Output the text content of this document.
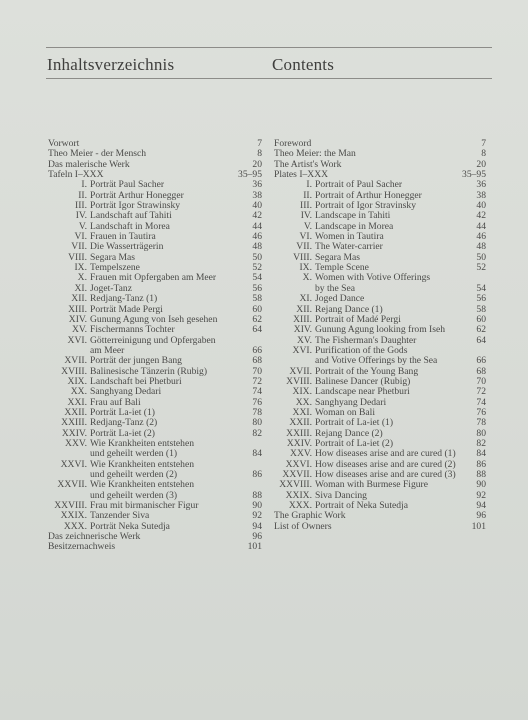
Inhaltsverzeichnis	Contents
Vorwort	7
Theo Meier - der Mensch	8
Das malerische Werk	20
Tafeln I–XXX	35–95
I. Porträt Paul Sacher	36
II. Porträt Arthur Honegger	38
III. Porträt Igor Strawinsky	40
IV. Landschaft auf Tahiti	42
V. Landschaft in Morea	44
VI. Frauen in Tautira	46
VII. Die Wasserträgerin	48
VIII. Segara Mas	50
IX. Tempelszene	52
X. Frauen mit Opfergaben am Meer	54
XI. Joget-Tanz	56
XII. Redjang-Tanz (1)	58
XIII. Porträt Made Pergi	60
XIV. Gunung Agung von Iseh gesehen	62
XV. Fischermanns Tochter	64
XVI. Götterreinigung und Opfergaben
am Meer	66
XVII. Porträt der jungen Bang	68
XVIII. Balinesische Tänzerin (Rubig)	70
XIX. Landschaft bei Phetburi	72
XX. Sanghyang Dedari	74
XXI. Frau auf Bali	76
XXII. Porträt La-iet (1)	78
XXIII. Redjang-Tanz (2)	80
XXIV. Porträt La-iet (2)	82
XXV. Wie Krankheiten entstehen
und geheilt werden (1)	84
XXVI. Wie Krankheiten entstehen
und geheilt werden (2)	86
XXVII. Wie Krankheiten entstehen
und geheilt werden (3)	88
XXVIII. Frau mit birmanischer Figur	90
XXIX. Tanzender Siva	92
XXX. Porträt Neka Sutedja	94
Das zeichnerische Werk	96
Besitzernachweis	101
Foreword	7
Theo Meier: the Man	8
The Artist's Work	20
Plates I–XXX	35–95
I. Portrait of Paul Sacher	36
II. Portrait of Arthur Honegger	38
III. Portrait of Igor Stravinsky	40
IV. Landscape in Tahiti	42
V. Landscape in Morea	44
VI. Women in Tautira	46
VII. The Water-carrier	48
VIII. Segara Mas	50
IX. Temple Scene	52
X. Women with Votive Offerings
by the Sea	54
XI. Joged Dance	56
XII. Rejang Dance (1)	58
XIII. Portrait of Madé Pergi	60
XIV. Gunung Agung looking from Iseh	62
XV. The Fisherman's Daughter	64
XVI. Purification of the Gods
and Votive Offerings by the Sea	66
XVII. Portrait of the Young Bang	68
XVIII. Balinese Dancer (Rubig)	70
XIX. Landscape near Phetburi	72
XX. Sanghyang Dedari	74
XXI. Woman on Bali	76
XXII. Portrait of La-iet (1)	78
XXIII. Rejang Dance (2)	80
XXIV. Portrait of La-iet (2)	82
XXV. How diseases arise and are cured (1) 84
XXVI. How diseases arise and are cured (2) 86
XXVII. How diseases arise and are cured (3) 88
XXVIII. Woman with Burmese Figure	90
XXIX. Siva Dancing	92
XXX. Portrait of Neka Sutedja	94
The Graphic Work	96
List of Owners	101
